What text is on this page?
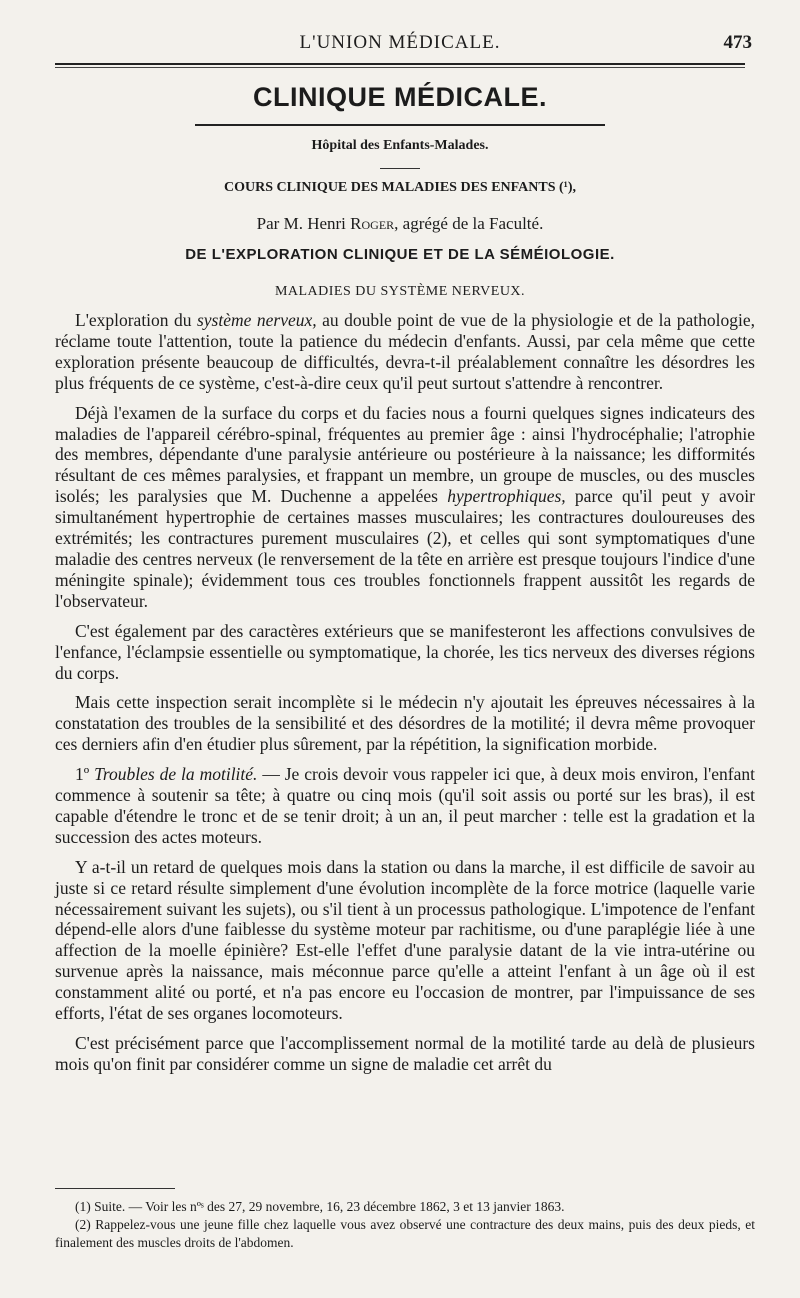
L'UNION MÉDICALE.	473
CLINIQUE MÉDICALE.
Hôpital des Enfants-Malades.
COURS CLINIQUE DES MALADIES DES ENFANTS (¹),
Par M. Henri Roger, agrégé de la Faculté.
DE L'EXPLORATION CLINIQUE ET DE LA SÉMÉIOLOGIE.
MALADIES DU SYSTÈME NERVEUX.

L'exploration du système nerveux, au double point de vue de la physiologie et de la pathologie, réclame toute l'attention, toute la patience du médecin d'enfants. Aussi, par cela même que cette exploration présente beaucoup de difficultés, devra-t-il préalablement connaître les désordres les plus fréquents de ce système, c'est-à-dire ceux qu'il peut surtout s'attendre à rencontrer.

Déjà l'examen de la surface du corps et du facies nous a fourni quelques signes indicateurs des maladies de l'appareil cérébro-spinal, fréquentes au premier âge : ainsi l'hydrocéphalie; l'atrophie des membres, dépendante d'une paralysie antérieure ou postérieure à la naissance; les difformités résultant de ces mêmes paralysies, et frappant un membre, un groupe de muscles, ou des muscles isolés; les paralysies que M. Duchenne a appelées hypertrophiques, parce qu'il peut y avoir simultanément hypertrophie de certaines masses musculaires; les contractures douloureuses des extrémités; les contractures purement musculaires (2), et celles qui sont symptomatiques d'une maladie des centres nerveux (le renversement de la tête en arrière est presque toujours l'indice d'une méningite spinale); évidemment tous ces troubles fonctionnels frappent aussitôt les regards de l'observateur.

C'est également par des caractères extérieurs que se manifesteront les affections convulsives de l'enfance, l'éclampsie essentielle ou symptomatique, la chorée, les tics nerveux des diverses régions du corps.

Mais cette inspection serait incomplète si le médecin n'y ajoutait les épreuves nécessaires à la constatation des troubles de la sensibilité et des désordres de la motilité; il devra même provoquer ces derniers afin d'en étudier plus sûrement, par la répétition, la signification morbide.

1º Troubles de la motilité. — Je crois devoir vous rappeler ici que, à deux mois environ, l'enfant commence à soutenir sa tête; à quatre ou cinq mois (qu'il soit assis ou porté sur les bras), il est capable d'étendre le tronc et de se tenir droit; à un an, il peut marcher : telle est la gradation et la succession des actes moteurs.

Y a-t-il un retard de quelques mois dans la station ou dans la marche, il est difficile de savoir au juste si ce retard résulte simplement d'une évolution incomplète de la force motrice (laquelle varie nécessairement suivant les sujets), ou s'il tient à un processus pathologique. L'impotence de l'enfant dépend-elle alors d'une faiblesse du système moteur par rachitisme, ou d'une paraplégie liée à une affection de la moelle épinière? Est-elle l'effet d'une paralysie datant de la vie intra-utérine ou survenue après la naissance, mais méconnue parce qu'elle a atteint l'enfant à un âge où il est constamment alité ou porté, et n'a pas encore eu l'occasion de montrer, par l'impuissance de ses efforts, l'état de ses organes locomoteurs.

C'est précisément parce que l'accomplissement normal de la motilité tarde au delà de plusieurs mois qu'on finit par considérer comme un signe de maladie cet arrêt du

(1) Suite. — Voir les nºˢ des 27, 29 novembre, 16, 23 décembre 1862, 3 et 13 janvier 1863.

(2) Rappelez-vous une jeune fille chez laquelle vous avez observé une contracture des deux mains, puis des deux pieds, et finalement des muscles droits de l'abdomen.
